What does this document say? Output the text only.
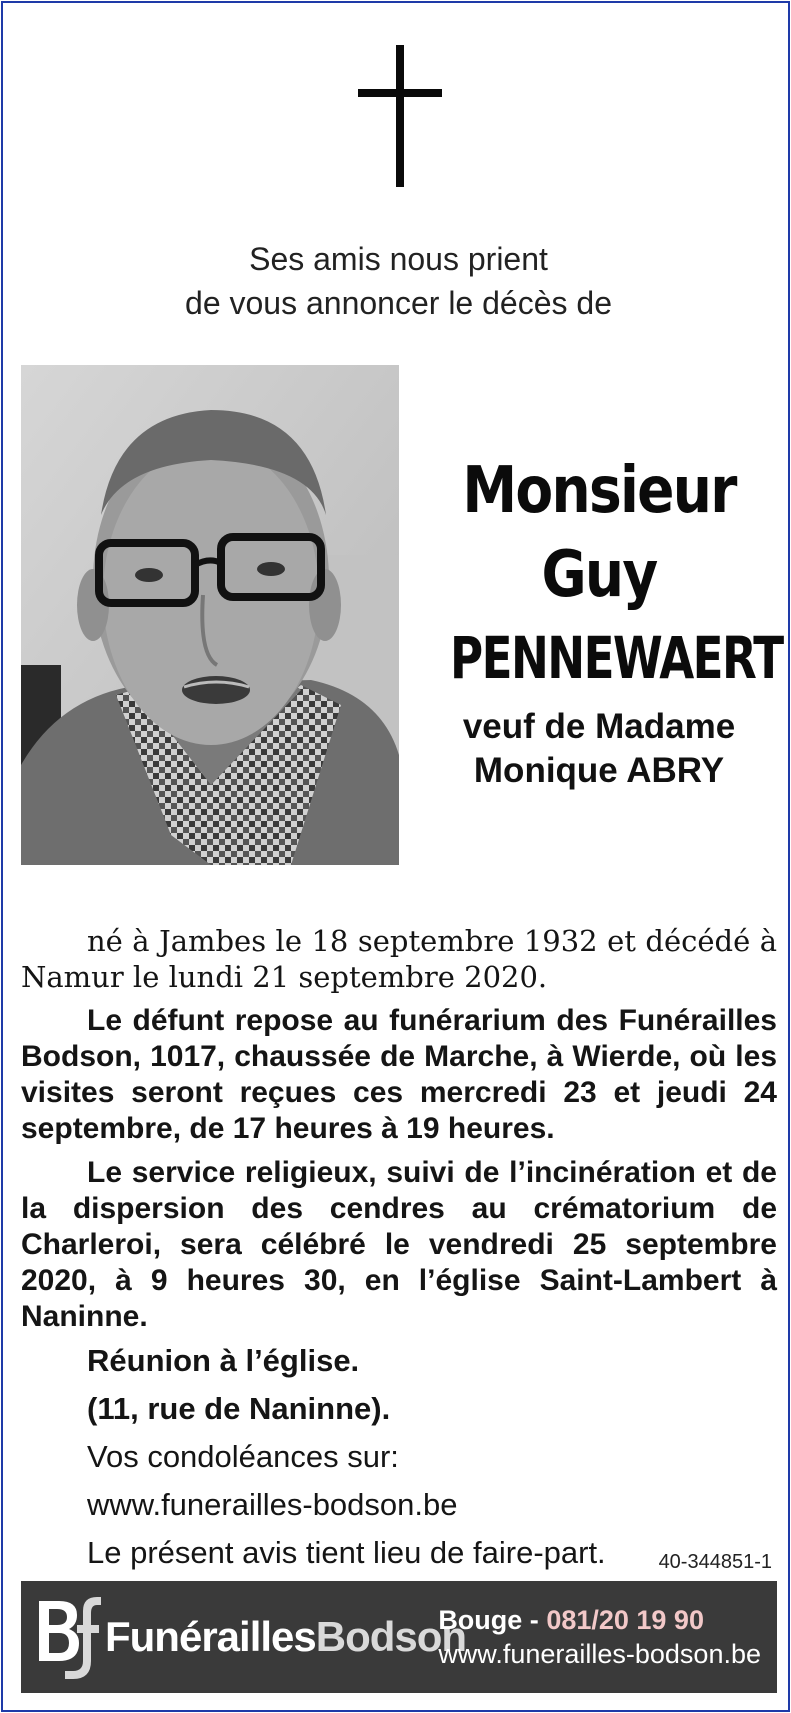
Ses amis nous prient
de vous annoncer le décès de
Monsieur
Guy
PENNEWAERT
veuf de Madame
Monique ABRY

né à Jambes le 18 septembre 1932 et décédé à Namur le lundi 21 septembre 2020.

Le défunt repose au funérarium des Funérailles Bodson, 1017, chaussée de Marche, à Wierde, où les visites seront reçues ces mercredi 23 et jeudi 24 septembre, de 17 heures à 19 heures.

Le service religieux, suivi de l’incinération et de la dispersion des cendres au crématorium de Charleroi, sera célébré le vendredi 25 septembre 2020, à 9 heures 30, en l’église Saint-Lambert à Naninne.

Réunion à l’église.

(11, rue de Naninne).

Vos condoléances sur:

www.funerailles-bodson.be

Le présent avis tient lieu de faire-part.	40-344851-1
FunéraillesBodson
Bouge - 081/20 19 90
www.funerailles-bodson.be
